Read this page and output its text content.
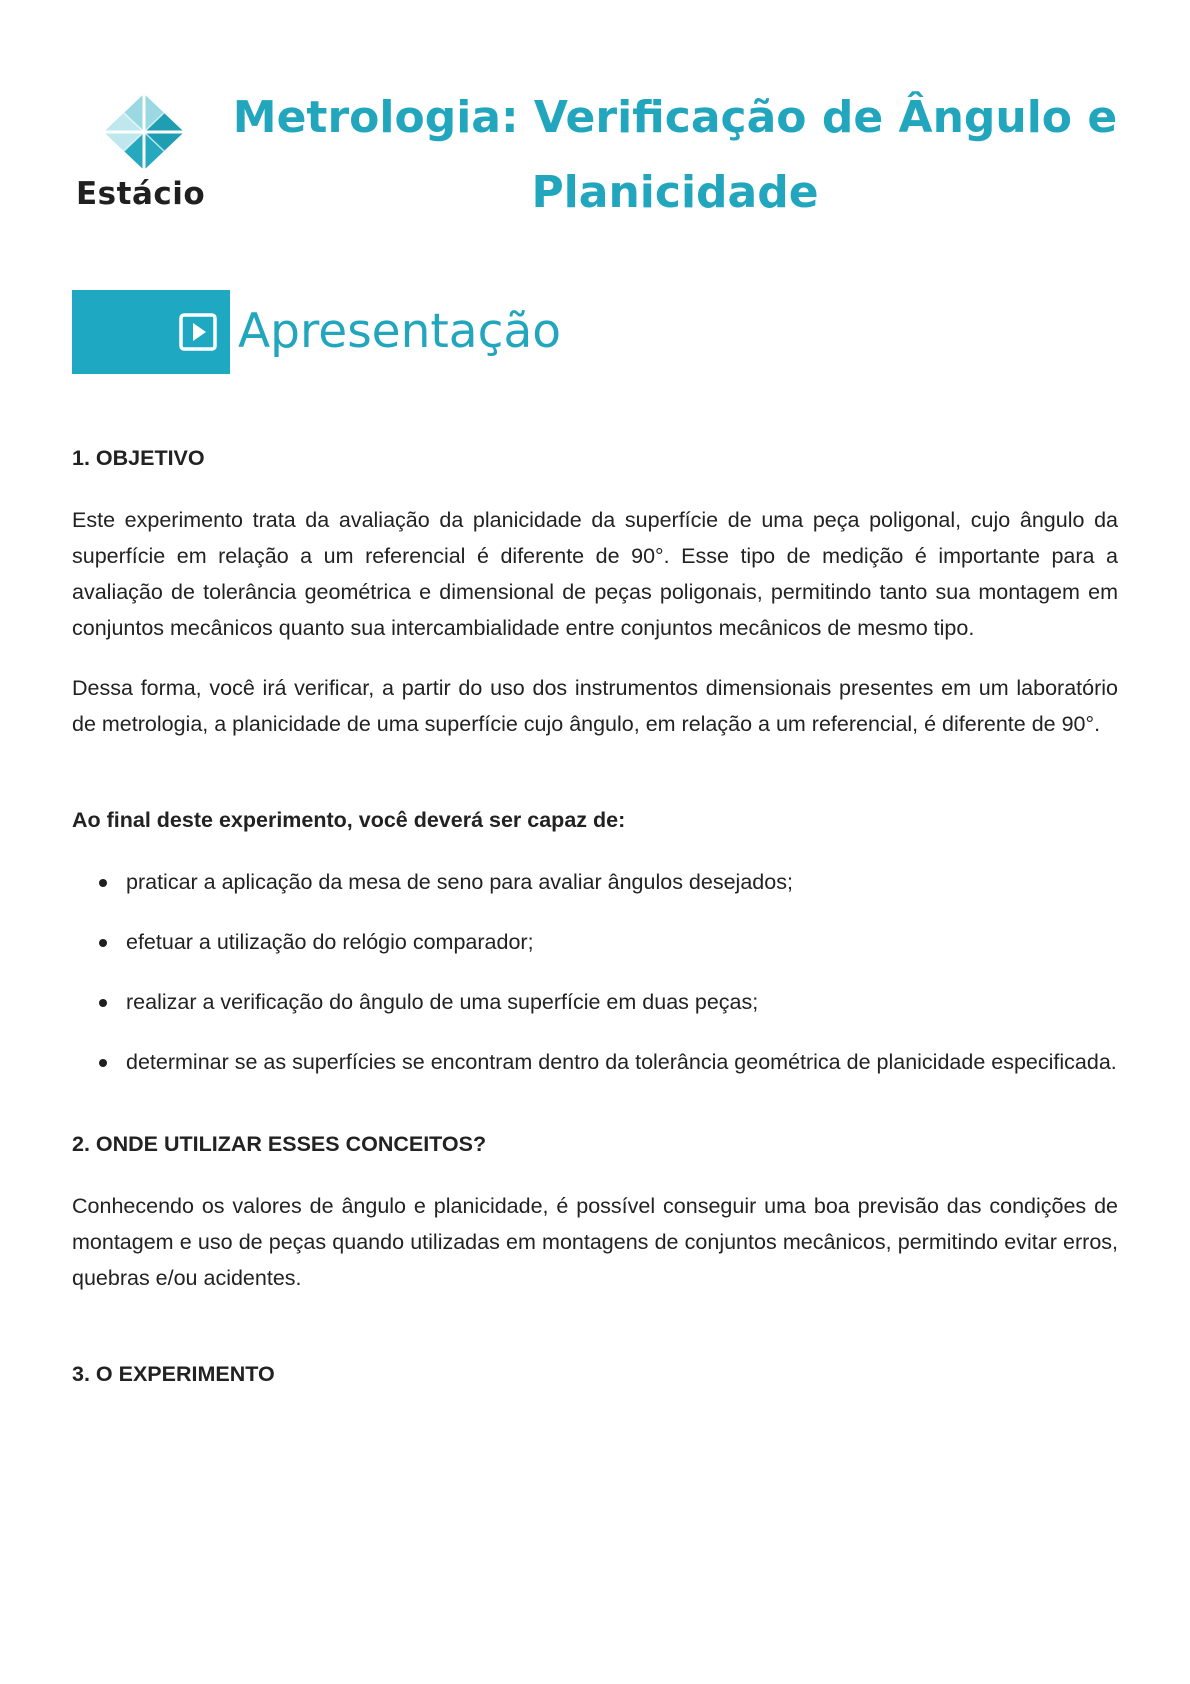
Estácio
Metrologia: Verificação de Ângulo e
Planicidade
Apresentação
1. OBJETIVO

Este experimento trata da avaliação da planicidade da superfície de uma peça poligonal, cujo ângulo da superfície em relação a um referencial é diferente de 90°. Esse tipo de medição é importante para a avaliação de tolerância geométrica e dimensional de peças poligonais, permitindo tanto sua montagem em conjuntos mecânicos quanto sua intercambialidade entre conjuntos mecânicos de mesmo tipo.

Dessa forma, você irá verificar, a partir do uso dos instrumentos dimensionais presentes em um laboratório de metrologia, a planicidade de uma superfície cujo ângulo, em relação a um referencial, é diferente de 90°.

Ao final deste experimento, você deverá ser capaz de:
praticar a aplicação da mesa de seno para avaliar ângulos desejados;
efetuar a utilização do relógio comparador;
realizar a verificação do ângulo de uma superfície em duas peças;
determinar se as superfícies se encontram dentro da tolerância geométrica de planicidade especificada.
2. ONDE UTILIZAR ESSES CONCEITOS?

Conhecendo os valores de ângulo e planicidade, é possível conseguir uma boa previsão das condições de montagem e uso de peças quando utilizadas em montagens de conjuntos mecânicos, permitindo evitar erros, quebras e/ou acidentes.

3. O EXPERIMENTO
